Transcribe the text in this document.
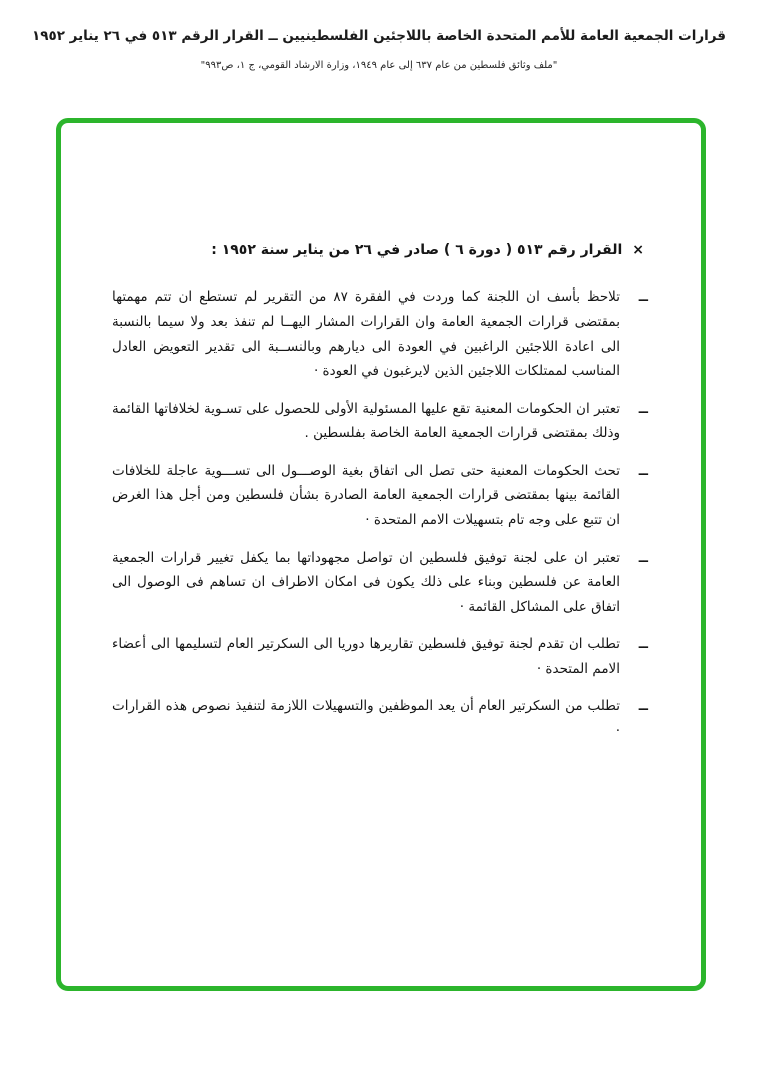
قرارات الجمعية العامة للأمم المتحدة الخاصة باللاجئين الفلسطينيين ــ القرار الرقم ٥١٣ في ٢٦ يناير ١٩٥٢
"ملف وثائق فلسطين من عام ٦٣٧ إلى عام ١٩٤٩، وزارة الارشاد القومي، ج ١، ص٩٩٣"
×القرار رقم ٥١٣ ( دورة ٦ ) صادر في ٢٦ من يناير سنة ١٩٥٢ :
ــ
تلاحظ بأسف ان اللجنة كما وردت في الفقرة ٨٧ من التقرير لم تستطع ان تتم مهمتها بمقتضى قرارات الجمعية العامة وان القرارات المشار اليهــا لم تنفذ بعد ولا سيما بالنسبة الى اعادة اللاجئين الراغبين في العودة الى ديارهم وبالنســبة الى تقدير التعويض العادل المناسب لممتلكات اللاجئين الذين لايرغبون في العودة ·
ــ
تعتبر ان الحكومات المعنية تقع عليها المسئولية الأولى للحصول على تسـوية لخلافاتها القائمة وذلك بمقتضى قرارات الجمعية العامة الخاصة بفلسطين .
ــ
تحث الحكومات المعنية حتى تصل الى اتفاق بغية الوصـــول الى تســـوية عاجلة للخلافات القائمة بينها بمقتضى قرارات الجمعية العامة الصادرة بشأن فلسطين ومن أجل هذا الغرض ان تتبع على وجه تام بتسهيلات الامم المتحدة ·
ــ
تعتبر ان على لجنة توفيق فلسطين ان تواصل مجهوداتها بما يكفل تغيير قرارات الجمعية العامة عن فلسطين وبناء على ذلك يكون فى امكان الاطراف ان تساهم فى الوصول الى اتفاق على المشاكل القائمة ·
ــ
تطلب ان تقدم لجنة توفيق فلسطين تقاريرها دوريا الى السكرتير العام لتسليمها الى أعضاء الامم المتحدة ·
ــ
تطلب من السكرتير العام أن يعد الموظفين والتسهيلات اللازمة لتنفيذ نصوص هذه القرارات ·
